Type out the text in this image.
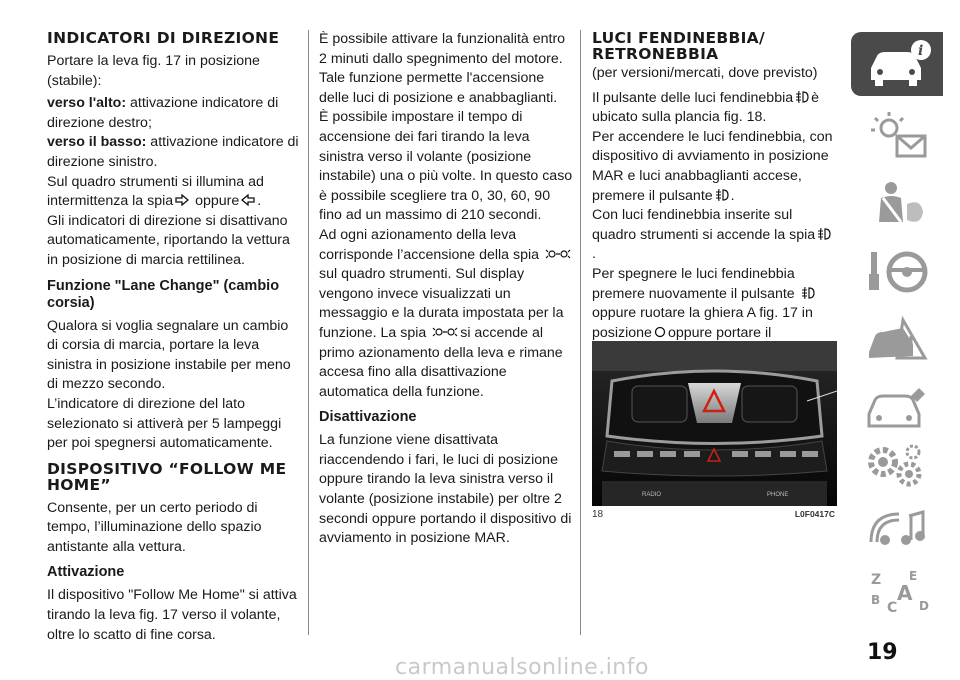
INDICATORI DI DIREZIONE

Portare la leva fig. 17 in posizione (stabile):

verso l'alto: attivazione indicatore di direzione destro;

verso il basso: attivazione indicatore di direzione sinistro.

Sul quadro strumenti si illumina ad intermittenza la spia
oppure .

Gli indicatori di direzione si disattivano automaticamente, riportando la vettura in posizione di marcia rettilinea.

Funzione "Lane Change" (cambio corsia)

Qualora si voglia segnalare un cambio di corsia di marcia, portare la leva sinistra in posizione instabile per meno di mezzo secondo.

L’indicatore di direzione del lato selezionato si attiverà per 5 lampeggi per poi spegnersi automaticamente.

DISPOSITIVO “FOLLOW ME HOME”

Consente, per un certo periodo di tempo, l’illuminazione dello spazio antistante alla vettura.

Attivazione

Il dispositivo "Follow Me Home" si attiva tirando la leva fig. 17 verso il volante, oltre lo scatto di fine corsa.

È possibile attivare la funzionalità entro 2 minuti dallo spegnimento del motore. Tale funzione permette l'accensione delle luci di posizione e anabbaglianti.

È possibile impostare il tempo di accensione dei fari tirando la leva sinistra verso il volante (posizione instabile) una o più volte. In questo caso è possibile scegliere tra 0, 30, 60, 90 fino ad un massimo di 210 secondi.

Ad ogni azionamento della leva corrisponde l’accensione della spia
sul quadro strumenti. Sul display vengono invece visualizzati un messaggio e la durata impostata per la funzione. La spia si accende al primo azionamento della leva e rimane accesa fino alla disattivazione automatica della funzione.

Disattivazione

La funzione viene disattivata riaccendendo i fari, le luci di posizione oppure tirando la leva sinistra verso il volante (posizione instabile) per oltre 2 secondi oppure portando il dispositivo di avviamento in posizione MAR.

LUCI FENDINEBBIA/ RETRONEBBIA

(per versioni/mercati, dove previsto)

Il pulsante delle luci fendinebbia è ubicato sulla plancia fig. 18.

Per accendere le luci fendinebbia, con dispositivo di avviamento in posizione MAR e luci anabbaglianti accese, premere il pulsante .

Con luci fendinebbia inserite sul quadro strumenti si accende la spia
.

Per spegnere le luci fendinebbia premere nuovamente il pulsante
oppure ruotare la ghiera A fig. 17 in posizione oppure portare il

RADIO	PHONE
18	L0F0417C
i
Z E
B C
A
D
19
carmanualsonline.info
